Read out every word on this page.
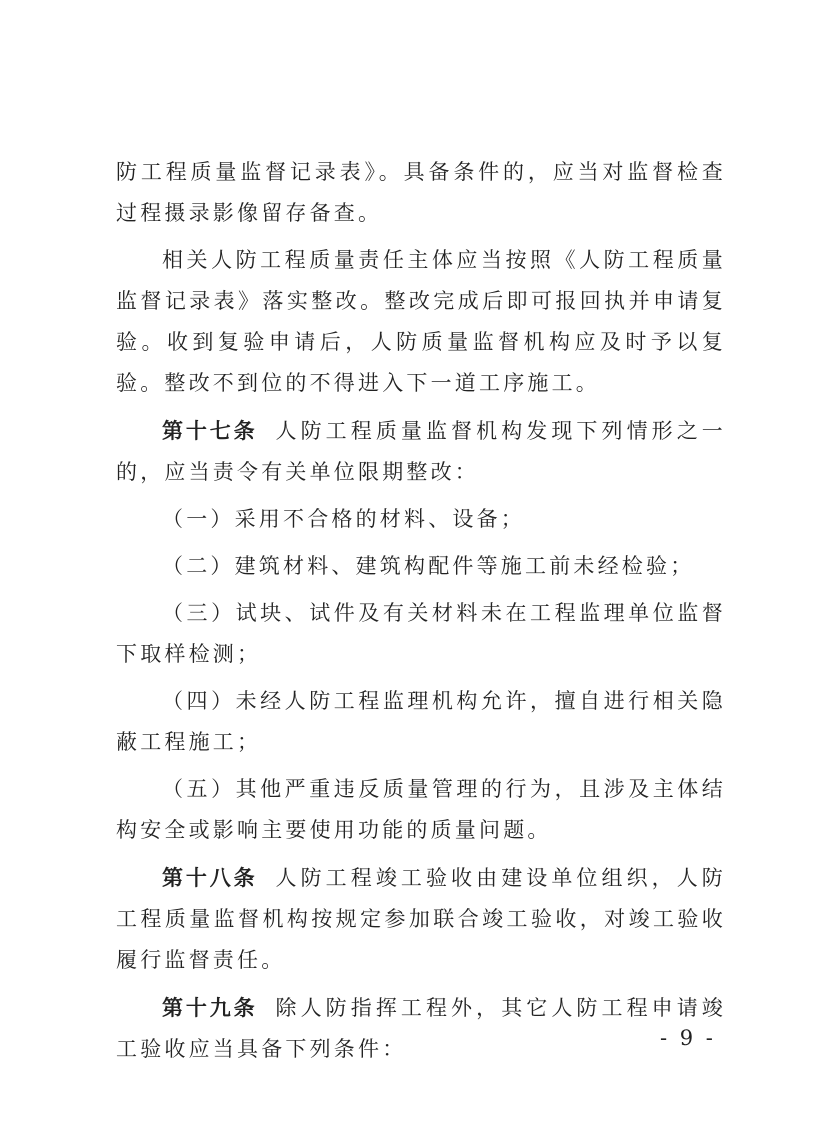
防工程质量监督记录表》。具备条件的，应当对监督检查过程摄录影像留存备查。

相关人防工程质量责任主体应当按照《人防工程质量监督记录表》落实整改。整改完成后即可报回执并申请复验。收到复验申请后，人防质量监督机构应及时予以复验。整改不到位的不得进入下一道工序施工。

第十七条 人防工程质量监督机构发现下列情形之一的，应当责令有关单位限期整改：

（一）采用不合格的材料、设备；

（二）建筑材料、建筑构配件等施工前未经检验；

（三）试块、试件及有关材料未在工程监理单位监督下取样检测；

（四）未经人防工程监理机构允许，擅自进行相关隐蔽工程施工；

（五）其他严重违反质量管理的行为，且涉及主体结构安全或影响主要使用功能的质量问题。

第十八条 人防工程竣工验收由建设单位组织，人防工程质量监督机构按规定参加联合竣工验收，对竣工验收履行监督责任。

第十九条 除人防指挥工程外，其它人防工程申请竣工验收应当具备下列条件：	- 9 -
